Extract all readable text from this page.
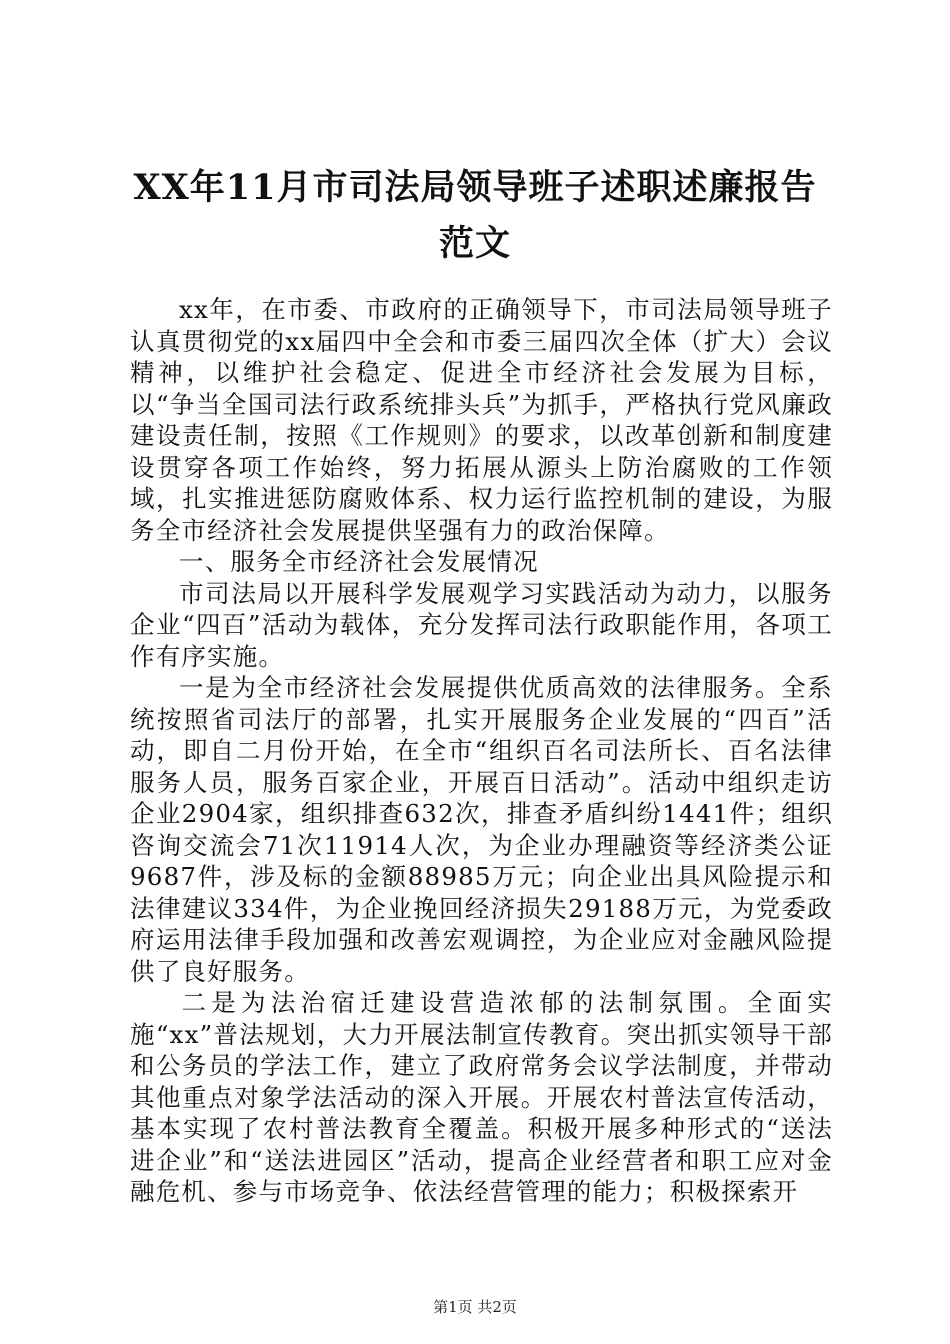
XX年11月市司法局领导班子述职述廉报告范文

xx年，在市委、市政府的正确领导下，市司法局领导班子认真贯彻党的xx届四中全会和市委三届四次全体（扩大）会议精神，以维护社会稳定、促进全市经济社会发展为目标，以“争当全国司法行政系统排头兵”为抓手，严格执行党风廉政建设责任制，按照《工作规则》的要求，以改革创新和制度建设贯穿各项工作始终，努力拓展从源头上防治腐败的工作领域，扎实推进惩防腐败体系、权力运行监控机制的建设，为服务全市经济社会发展提供坚强有力的政治保障。

一、服务全市经济社会发展情况

市司法局以开展科学发展观学习实践活动为动力，以服务企业“四百”活动为载体，充分发挥司法行政职能作用，各项工作有序实施。

一是为全市经济社会发展提供优质高效的法律服务。全系统按照省司法厅的部署，扎实开展服务企业发展的“四百”活动，即自二月份开始，在全市“组织百名司法所长、百名法律服务人员，服务百家企业，开展百日活动”。活动中组织走访企业2904家，组织排查632次，排查矛盾纠纷1441件；组织咨询交流会71次11914人次，为企业办理融资等经济类公证9687件，涉及标的金额88985万元；向企业出具风险提示和法律建议334件，为企业挽回经济损失29188万元，为党委政府运用法律手段加强和改善宏观调控，为企业应对金融风险提供了良好服务。

二是为法治宿迁建设营造浓郁的法制氛围。全面实施“xx”普法规划，大力开展法制宣传教育。突出抓实领导干部和公务员的学法工作，建立了政府常务会议学法制度，并带动其他重点对象学法活动的深入开展。开展农村普法宣传活动，基本实现了农村普法教育全覆盖。积极开展多种形式的“送法进企业”和“送法进园区”活动，提高企业经营者和职工应对金融危机、参与市场竞争、依法经营管理的能力；积极探索开

第1页 共2页
